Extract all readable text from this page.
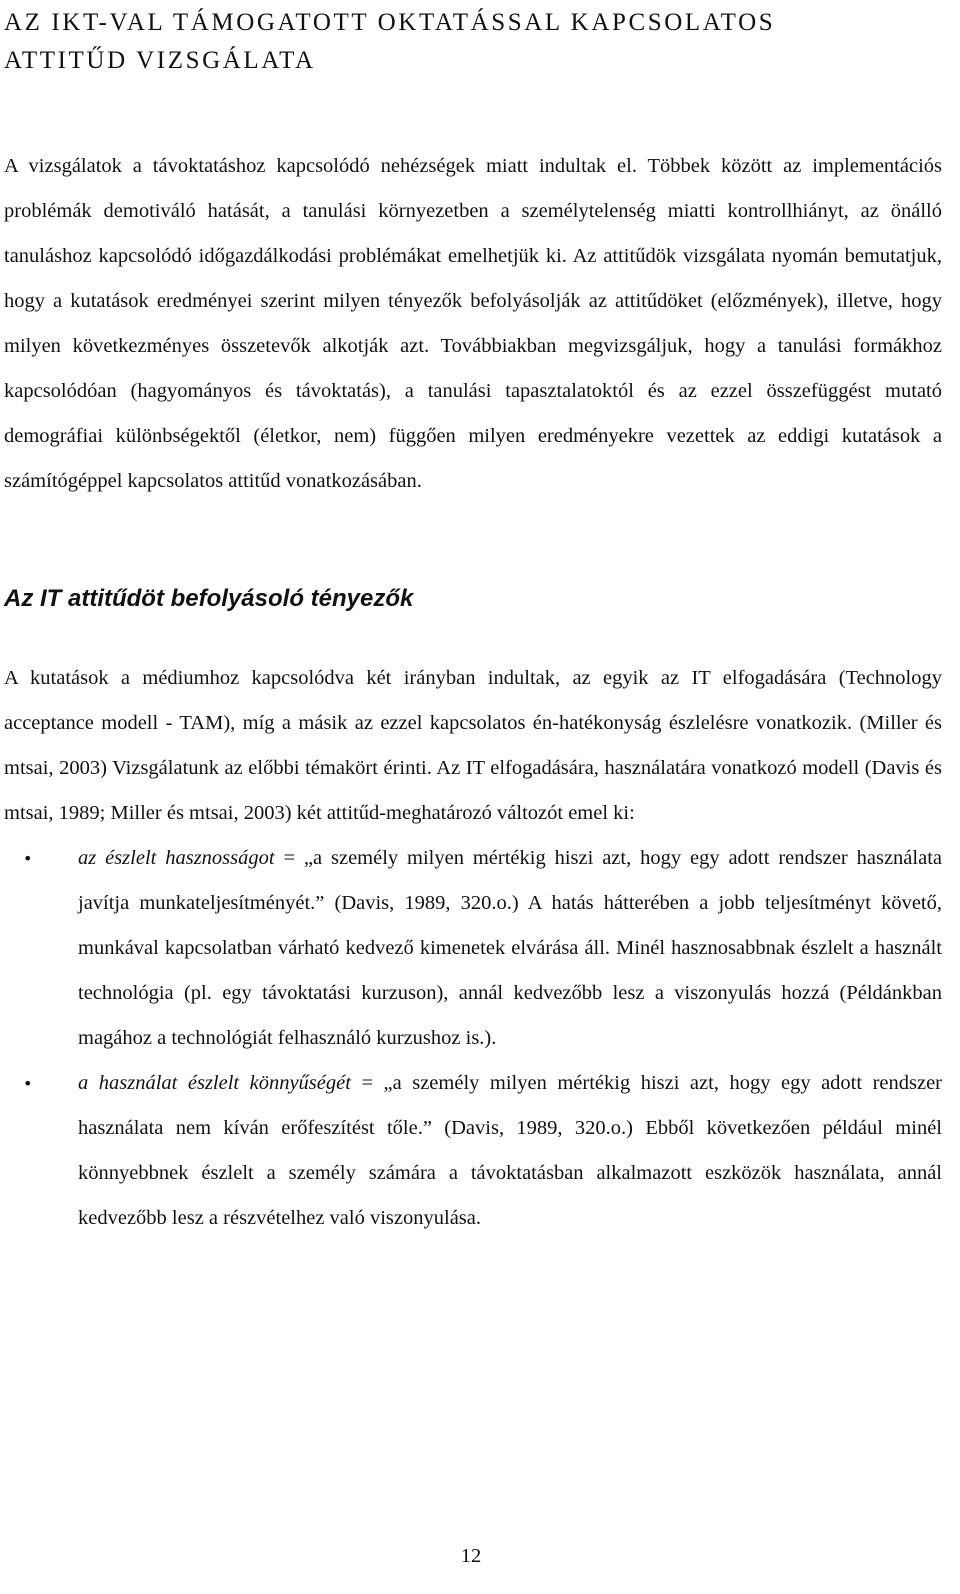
AZ IKT-VAL TÁMOGATOTT OKTATÁSSAL KAPCSOLATOS
ATTITŰD VIZSGÁLATA

A vizsgálatok a távoktatáshoz kapcsolódó nehézségek miatt indultak el. Többek között az implementációs problémák demotiváló hatását, a tanulási környezetben a személytelenség miatti kontrollhiányt, az önálló tanuláshoz kapcsolódó időgazdálkodási problémákat emelhetjük ki. Az attitűdök vizsgálata nyomán bemutatjuk, hogy a kutatások eredményei szerint milyen tényezők befolyásolják az attitűdöket (előzmények), illetve, hogy milyen következményes összetevők alkotják azt. Továbbiakban megvizsgáljuk, hogy a tanulási formákhoz kapcsolódóan (hagyományos és távoktatás), a tanulási tapasztalatoktól és az ezzel összefüggést mutató demográfiai különbségektől (életkor, nem) függően milyen eredményekre vezettek az eddigi kutatások a számítógéppel kapcsolatos attitűd vonatkozásában.

Az IT attitűdöt befolyásoló tényezők

A kutatások a médiumhoz kapcsolódva két irányban indultak, az egyik az IT elfogadására (Technology acceptance modell - TAM), míg a másik az ezzel kapcsolatos én-hatékonyság észlelésre vonatkozik. (Miller és mtsai, 2003) Vizsgálatunk az előbbi témakört érinti. Az IT elfogadására, használatára vonatkozó modell (Davis és mtsai, 1989; Miller és mtsai, 2003) két attitűd-meghatározó változót emel ki:

• az észlelt hasznosságot = „a személy milyen mértékig hiszi azt, hogy egy adott rendszer használata javítja munkateljesítményét.” (Davis, 1989, 320.o.) A hatás hátterében a jobb teljesítményt követő, munkával kapcsolatban várható kedvező kimenetek elvárása áll. Minél hasznosabbnak észlelt a használt technológia (pl. egy távoktatási kurzuson), annál kedvezőbb lesz a viszonyulás hozzá (Példánkban magához a technológiát felhasználó kurzushoz is.).

• a használat észlelt könnyűségét = „a személy milyen mértékig hiszi azt, hogy egy adott rendszer használata nem kíván erőfeszítést tőle.” (Davis, 1989, 320.o.) Ebből következően például minél könnyebbnek észlelt a személy számára a távoktatásban alkalmazott eszközök használata, annál kedvezőbb lesz a részvételhez való viszonyulása.

12
